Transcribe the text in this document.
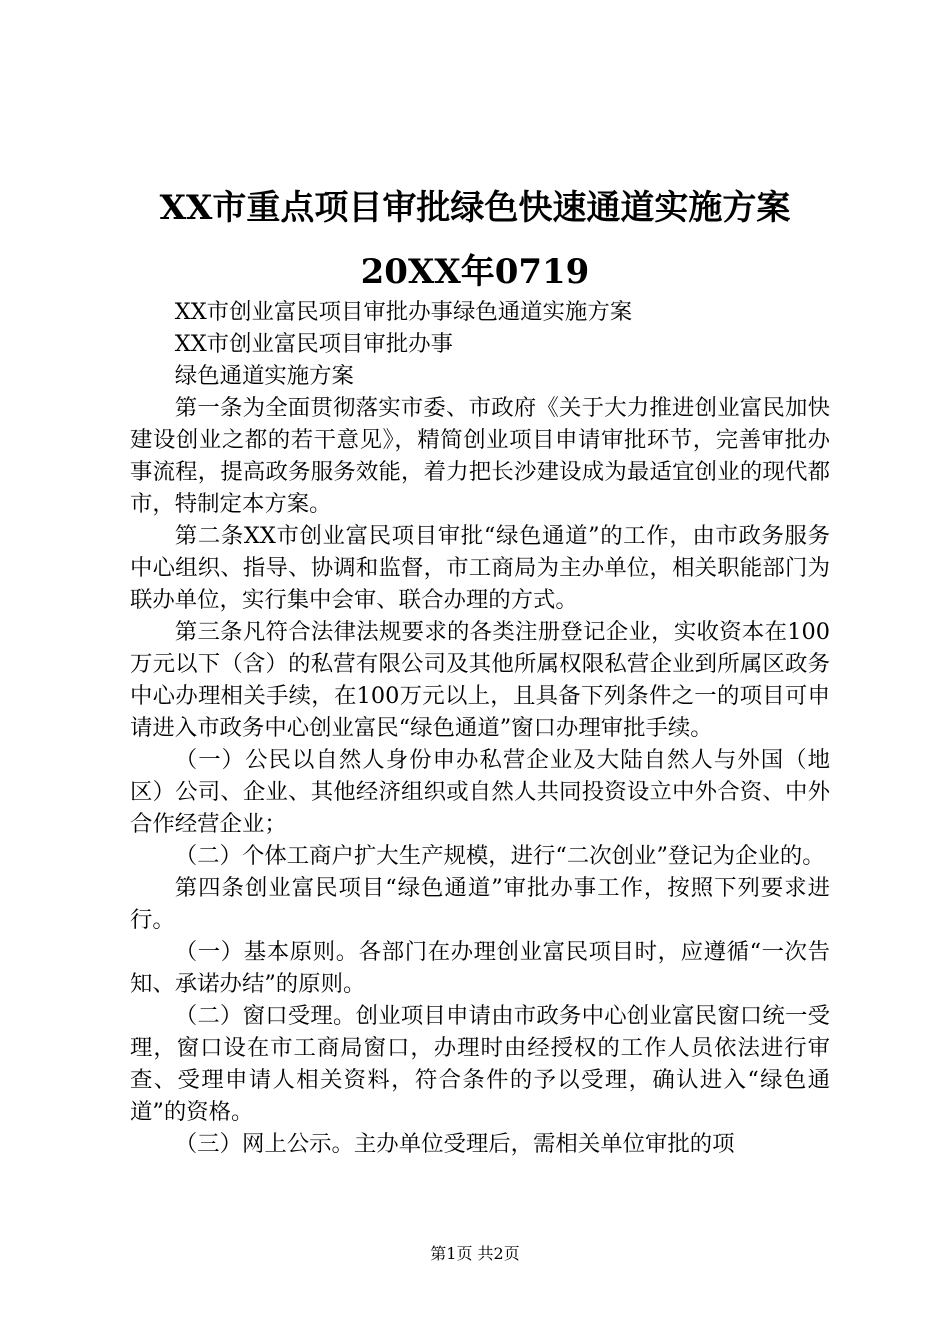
XX市重点项目审批绿色快速通道实施方案
20XX年0719

XX市创业富民项目审批办事绿色通道实施方案

XX市创业富民项目审批办事

绿色通道实施方案

第一条为全面贯彻落实市委、市政府《关于大力推进创业富民加快建设创业之都的若干意见》，精简创业项目申请审批环节，完善审批办事流程，提高政务服务效能，着力把长沙建设成为最适宜创业的现代都市，特制定本方案。

第二条XX市创业富民项目审批“绿色通道”的工作，由市政务服务中心组织、指导、协调和监督，市工商局为主办单位，相关职能部门为联办单位，实行集中会审、联合办理的方式。

第三条凡符合法律法规要求的各类注册登记企业，实收资本在100万元以下（含）的私营有限公司及其他所属权限私营企业到所属区政务中心办理相关手续，在100万元以上，且具备下列条件之一的项目可申请进入市政务中心创业富民“绿色通道”窗口办理审批手续。

（一）公民以自然人身份申办私营企业及大陆自然人与外国（地区）公司、企业、其他经济组织或自然人共同投资设立中外合资、中外合作经营企业；

（二）个体工商户扩大生产规模，进行“二次创业”登记为企业的。

第四条创业富民项目“绿色通道”审批办事工作，按照下列要求进行。

（一）基本原则。各部门在办理创业富民项目时，应遵循“一次告知、承诺办结”的原则。

（二）窗口受理。创业项目申请由市政务中心创业富民窗口统一受理，窗口设在市工商局窗口，办理时由经授权的工作人员依法进行审查、受理申请人相关资料，符合条件的予以受理，确认进入“绿色通道”的资格。

（三）网上公示。主办单位受理后，需相关单位审批的项

第1页 共2页
